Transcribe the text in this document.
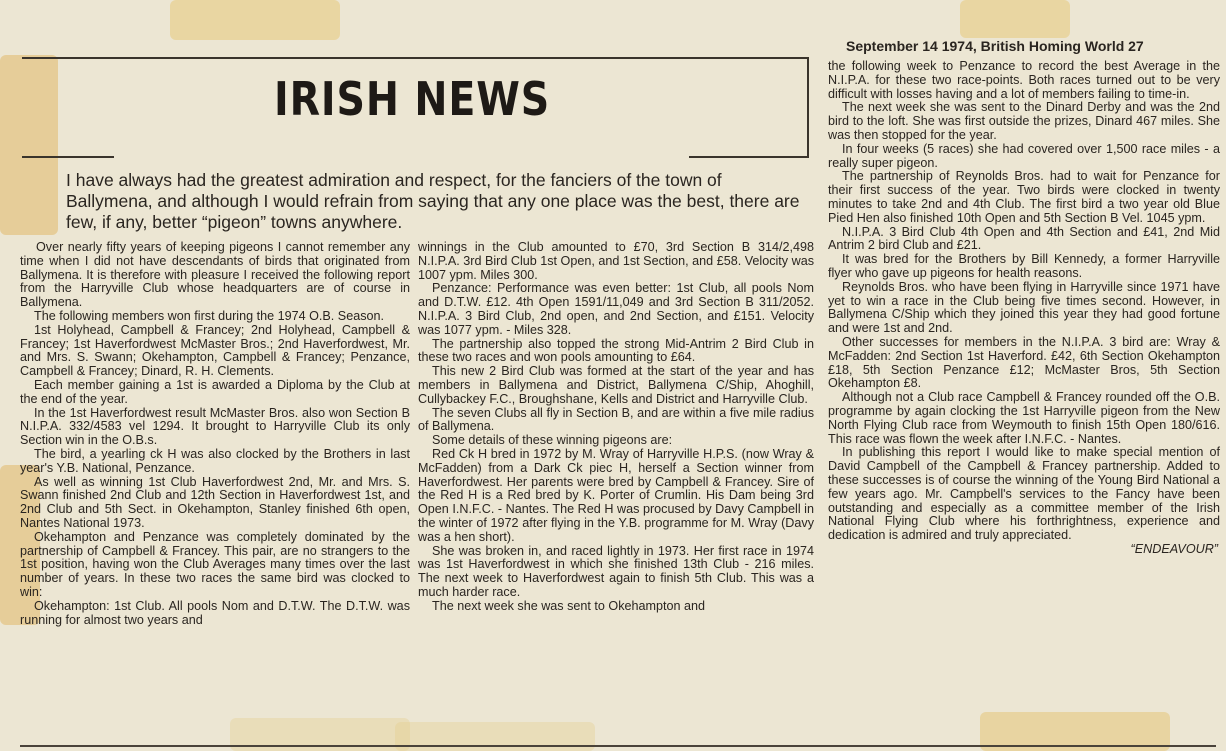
IRISH NEWS
September 14 1974, British Homing World 27

I have always had the greatest admiration and respect, for the fanciers of the town of Ballymena, and although I would refrain from saying that any one place was the best, there are few, if any, better “pigeon” towns anywhere.

Over nearly fifty years of keeping pigeons I cannot remember any time when I did not have descendants of birds that originated from Ballymena. It is therefore with pleasure I received the following report from the Harryville Club whose headquarters are of course in Ballymena.

The following members won first during the 1974 O.B. Season.

1st Holyhead, Campbell & Francey; 2nd Holyhead, Campbell & Francey; 1st Haverfordwest McMaster Bros.; 2nd Haverfordwest, Mr. and Mrs. S. Swann; Okehampton, Campbell & Francey; Penzance, Campbell & Francey; Dinard, R. H. Clements.

Each member gaining a 1st is awarded a Diploma by the Club at the end of the year.

In the 1st Haverfordwest result McMaster Bros. also won Section B N.I.P.A. 332/4583 vel 1294. It brought to Harryville Club its only Section win in the O.B.s.

The bird, a yearling ck H was also clocked by the Brothers in last year's Y.B. National, Penzance.

As well as winning 1st Club Haverfordwest 2nd, Mr. and Mrs. S. Swann finished 2nd Club and 12th Section in Haverfordwest 1st, and 2nd Club and 5th Sect. in Okehampton, Stanley finished 6th open, Nantes National 1973.

Okehampton and Penzance was completely dominated by the partnership of Campbell & Francey. This pair, are no strangers to the 1st position, having won the Club Averages many times over the last number of years. In these two races the same bird was clocked to win:

Okehampton: 1st Club. All pools Nom and D.T.W. The D.T.W. was running for almost two years and

winnings in the Club amounted to £70, 3rd Section B 314/2,498 N.I.P.A. 3rd Bird Club 1st Open, and 1st Section, and £58. Velocity was 1007 ypm. Miles 300.

Penzance: Performance was even better: 1st Club, all pools Nom and D.T.W. £12. 4th Open 1591/11,049 and 3rd Section B 311/2052. N.I.P.A. 3 Bird Club, 2nd open, and 2nd Section, and £151. Velocity was 1077 ypm. - Miles 328.

The partnership also topped the strong Mid-Antrim 2 Bird Club in these two races and won pools amounting to £64.

This new 2 Bird Club was formed at the start of the year and has members in Ballymena and District, Ballymena C/Ship, Ahoghill, Cullybackey F.C., Broughshane, Kells and District and Harryville Club.

The seven Clubs all fly in Section B, and are within a five mile radius of Ballymena.

Some details of these winning pigeons are:

Red Ck H bred in 1972 by M. Wray of Harryville H.P.S. (now Wray & McFadden) from a Dark Ck piec H, herself a Section winner from Haverfordwest. Her parents were bred by Campbell & Francey. Sire of the Red H is a Red bred by K. Porter of Crumlin. His Dam being 3rd Open I.N.F.C. - Nantes. The Red H was procused by Davy Campbell in the winter of 1972 after flying in the Y.B. programme for M. Wray (Davy was a hen short).

She was broken in, and raced lightly in 1973. Her first race in 1974 was 1st Haverfordwest in which she finished 13th Club - 216 miles. The next week to Haverfordwest again to finish 5th Club. This was a much harder race.

The next week she was sent to Okehampton and

the following week to Penzance to record the best Average in the N.I.P.A. for these two race-points. Both races turned out to be very difficult with losses having and a lot of members failing to time-in.

The next week she was sent to the Dinard Derby and was the 2nd bird to the loft. She was first outside the prizes, Dinard 467 miles. She was then stopped for the year.

In four weeks (5 races) she had covered over 1,500 race miles - a really super pigeon.

The partnership of Reynolds Bros. had to wait for Penzance for their first success of the year. Two birds were clocked in twenty minutes to take 2nd and 4th Club. The first bird a two year old Blue Pied Hen also finished 10th Open and 5th Section B Vel. 1045 ypm.

N.I.P.A. 3 Bird Club 4th Open and 4th Section and £41, 2nd Mid Antrim 2 bird Club and £21.

It was bred for the Brothers by Bill Kennedy, a former Harryville flyer who gave up pigeons for health reasons.

Reynolds Bros. who have been flying in Harryville since 1971 have yet to win a race in the Club being five times second. However, in Ballymena C/Ship which they joined this year they had good fortune and were 1st and 2nd.

Other successes for members in the N.I.P.A. 3 bird are: Wray & McFadden: 2nd Section 1st Haverford. £42, 6th Section Okehampton £18, 5th Section Penzance £12; McMaster Bros, 5th Section Okehampton £8.

Although not a Club race Campbell & Francey rounded off the O.B. programme by again clocking the 1st Harryville pigeon from the New North Flying Club race from Weymouth to finish 15th Open 180/616. This race was flown the week after I.N.F.C. - Nantes.

In publishing this report I would like to make special mention of David Campbell of the Campbell & Francey partnership. Added to these successes is of course the winning of the Young Bird National a few years ago. Mr. Campbell's services to the Fancy have been outstanding and especially as a committee member of the Irish National Flying Club where his forthrightness, experience and dedication is admired and truly appreciated.

“ENDEAVOUR”
